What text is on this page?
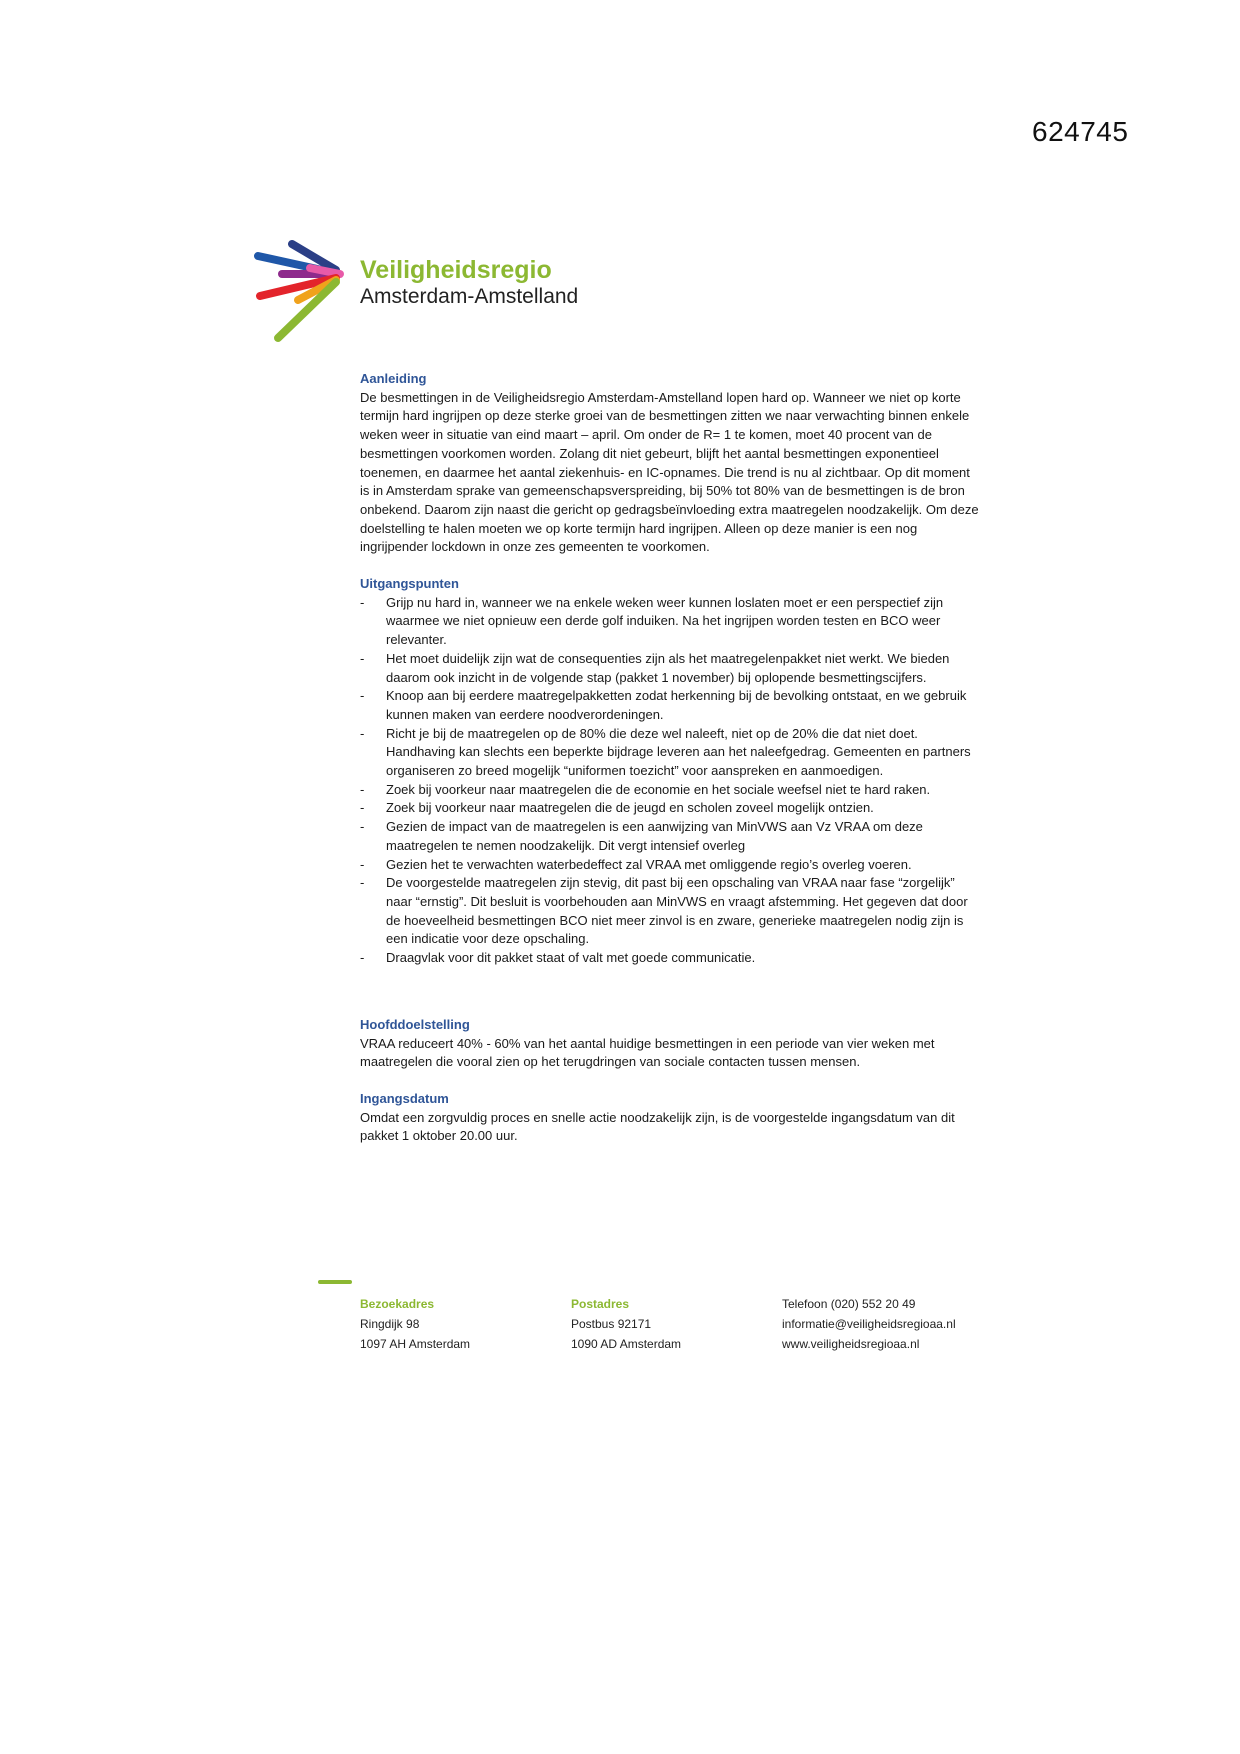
624745
Veiligheidsregio
Amsterdam-Amstelland
Aanleiding

De besmettingen in de Veiligheidsregio Amsterdam-Amstelland lopen hard op. Wanneer we niet op korte termijn hard ingrijpen op deze sterke groei van de besmettingen zitten we naar verwachting binnen enkele weken weer in situatie van eind maart – april. Om onder de R= 1 te komen, moet 40 procent van de besmettingen voorkomen worden. Zolang dit niet gebeurt, blijft het aantal besmettingen exponentieel toenemen, en daarmee het aantal ziekenhuis- en IC-opnames. Die trend is nu al zichtbaar. Op dit moment is in Amsterdam sprake van gemeenschapsverspreiding, bij 50% tot 80% van de besmettingen is de bron onbekend. Daarom zijn naast die gericht op gedragsbeïnvloeding extra maatregelen noodzakelijk. Om deze doelstelling te halen moeten we op korte termijn hard ingrijpen. Alleen op deze manier is een nog ingrijpender lockdown in onze zes gemeenten te voorkomen.

Uitgangspunten
- Grijp nu hard in, wanneer we na enkele weken weer kunnen loslaten moet er een perspectief zijn waarmee we niet opnieuw een derde golf induiken. Na het ingrijpen worden testen en BCO weer relevanter.
- Het moet duidelijk zijn wat de consequenties zijn als het maatregelenpakket niet werkt. We bieden daarom ook inzicht in de volgende stap (pakket 1 november) bij oplopende besmettingscijfers.
- Knoop aan bij eerdere maatregelpakketten zodat herkenning bij de bevolking ontstaat, en we gebruik kunnen maken van eerdere noodverordeningen.
- Richt je bij de maatregelen op de 80% die deze wel naleeft, niet op de 20% die dat niet doet. Handhaving kan slechts een beperkte bijdrage leveren aan het naleefgedrag. Gemeenten en partners organiseren zo breed mogelijk “uniformen toezicht” voor aanspreken en aanmoedigen.
- Zoek bij voorkeur naar maatregelen die de economie en het sociale weefsel niet te hard raken.
- Zoek bij voorkeur naar maatregelen die de jeugd en scholen zoveel mogelijk ontzien.
- Gezien de impact van de maatregelen is een aanwijzing van MinVWS aan Vz VRAA om deze maatregelen te nemen noodzakelijk. Dit vergt intensief overleg
- Gezien het te verwachten waterbedeffect zal VRAA met omliggende regio’s overleg voeren.
- De voorgestelde maatregelen zijn stevig, dit past bij een opschaling van VRAA naar fase “zorgelijk” naar “ernstig”. Dit besluit is voorbehouden aan MinVWS en vraagt afstemming. Het gegeven dat door de hoeveelheid besmettingen BCO niet meer zinvol is en zware, generieke maatregelen nodig zijn is een indicatie voor deze opschaling.
- Draagvlak voor dit pakket staat of valt met goede communicatie.
Hoofddoelstelling

VRAA reduceert 40% - 60% van het aantal huidige besmettingen in een periode van vier weken met maatregelen die vooral zien op het terugdringen van sociale contacten tussen mensen.

Ingangsdatum

Omdat een zorgvuldig proces en snelle actie noodzakelijk zijn, is de voorgestelde ingangsdatum van dit pakket 1 oktober 20.00 uur.

Bezoekadres
Ringdijk 98
1097 AH Amsterdam
Postadres
Postbus 92171
1090 AD Amsterdam
Telefoon (020) 552 20 49
informatie@veiligheidsregioaa.nl
www.veiligheidsregioaa.nl
